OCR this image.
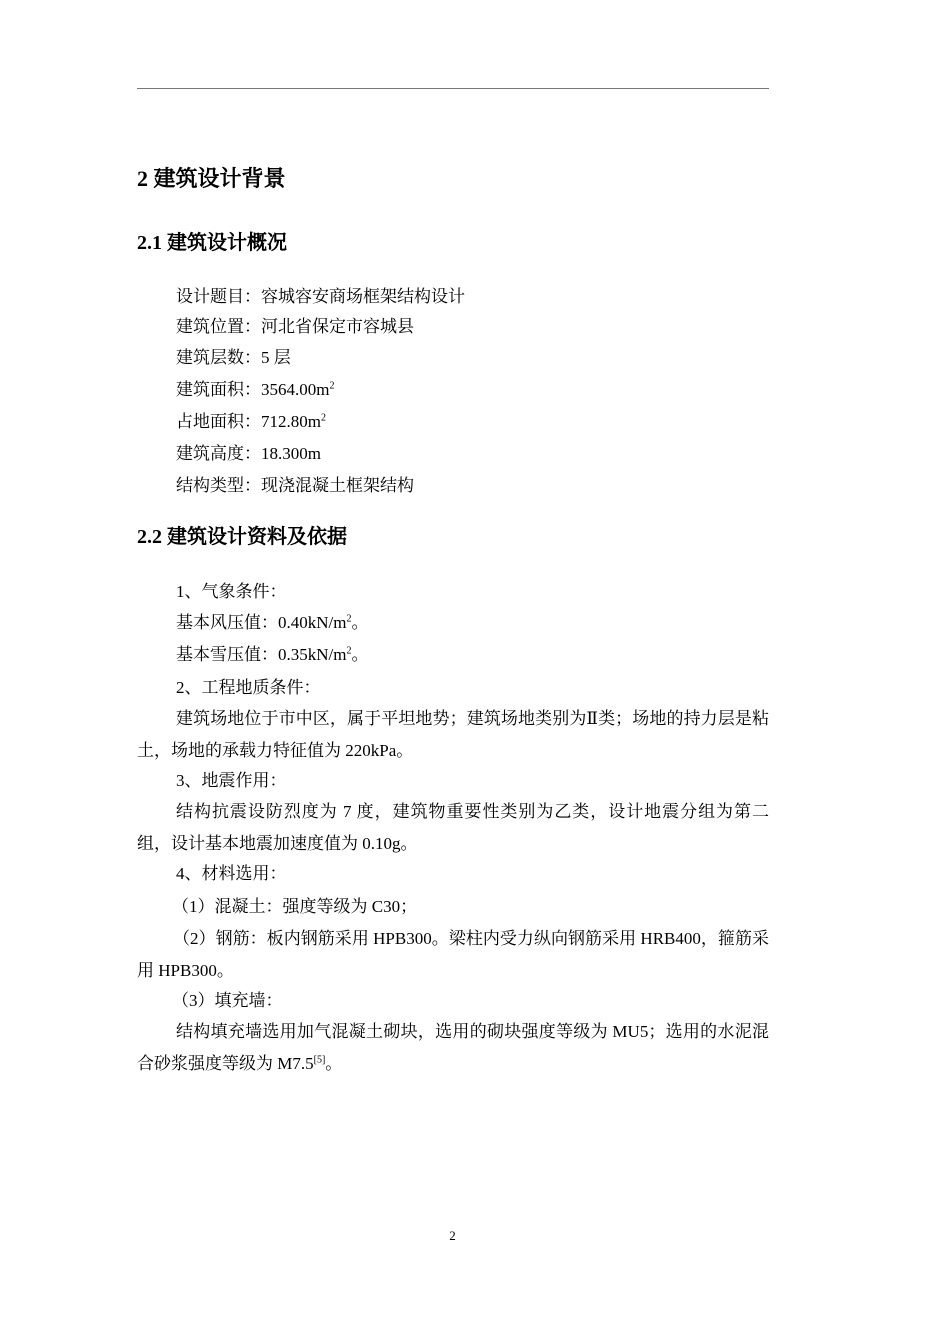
2 建筑设计背景
2.1 建筑设计概况
设计题目：容城容安商场框架结构设计
建筑位置：河北省保定市容城县
建筑层数：5 层
建筑面积：$3564.00m^2$
占地面积：$712.80m^2$
建筑高度：18.300m
结构类型：现浇混凝土框架结构
2.2 建筑设计资料及依据
1、气象条件：
基本风压值：$0.40kN/m^2$。
基本雪压值：$0.35kN/m^2$。
2、工程地质条件：
建筑场地位于市中区，属于平坦地势；建筑场地类别为Ⅱ类；场地的持力层是粘土，场地的承载力特征值为 220kPa。
3、地震作用：
结构抗震设防烈度为 7 度，建筑物重要性类别为乙类，设计地震分组为第二组，设计基本地震加速度值为 0.10g。
4、材料选用：
（1）混凝土：强度等级为 C30；
（2）钢筋：板内钢筋采用 HPB300。梁柱内受力纵向钢筋采用 HRB400，箍筋采用 HPB300。
（3）填充墙：
结构填充墙选用加气混凝土砌块，选用的砌块强度等级为 MU5；选用的水泥混合砂浆强度等级为 M7.5[5]。
2
